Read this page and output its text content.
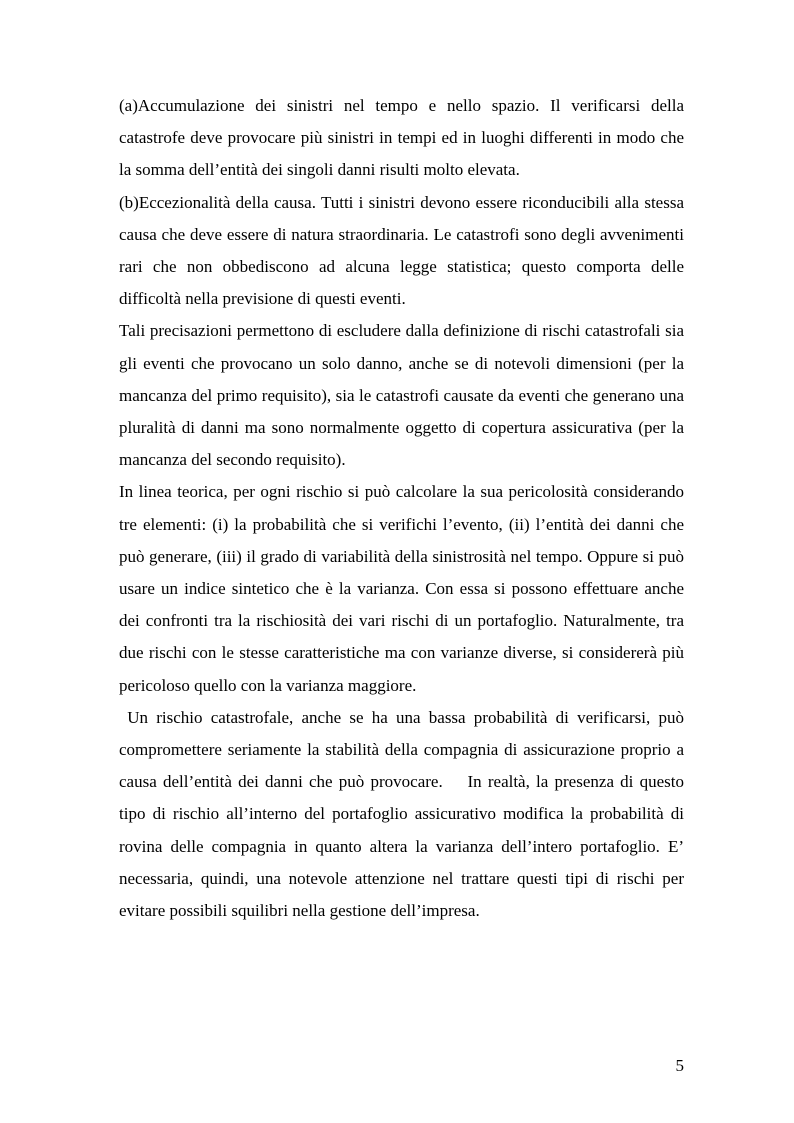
(a)Accumulazione dei sinistri nel tempo e nello spazio. Il verificarsi della catastrofe deve provocare più sinistri in tempi ed in luoghi differenti in modo che la somma dell’entità dei singoli danni risulti molto elevata.

(b)Eccezionalità della causa. Tutti i sinistri devono essere riconducibili alla stessa causa che deve essere di natura straordinaria. Le catastrofi sono degli avvenimenti rari che non obbediscono ad alcuna legge statistica; questo comporta delle difficoltà nella previsione di questi eventi.

Tali precisazioni permettono di escludere dalla definizione di rischi catastrofali sia gli eventi che provocano un solo danno, anche se di notevoli dimensioni (per la mancanza del primo requisito), sia le catastrofi causate da eventi che generano una pluralità di danni ma sono normalmente oggetto di copertura assicurativa (per la mancanza del secondo requisito).

In linea teorica, per ogni rischio si può calcolare la sua pericolosità considerando tre elementi: (i) la probabilità che si verifichi l’evento, (ii) l’entità dei danni che può generare, (iii) il grado di variabilità della sinistrosità nel tempo. Oppure si può usare un indice sintetico che è la varianza. Con essa si possono effettuare anche dei confronti tra la rischiosità dei vari rischi di un portafoglio. Naturalmente, tra due rischi con le stesse caratteristiche ma con varianze diverse, si considererà più pericoloso quello con la varianza maggiore.

Un rischio catastrofale, anche se ha una bassa probabilità di verificarsi, può compromettere seriamente la stabilità della compagnia di assicurazione proprio a causa dell’entità dei danni che può provocare.    In realtà, la presenza di questo tipo di rischio all’interno del portafoglio assicurativo modifica la probabilità di rovina delle compagnia in quanto altera la varianza dell’intero portafoglio. E’ necessaria, quindi, una notevole attenzione nel trattare questi tipi di rischi per evitare possibili squilibri nella gestione dell’impresa.

5
